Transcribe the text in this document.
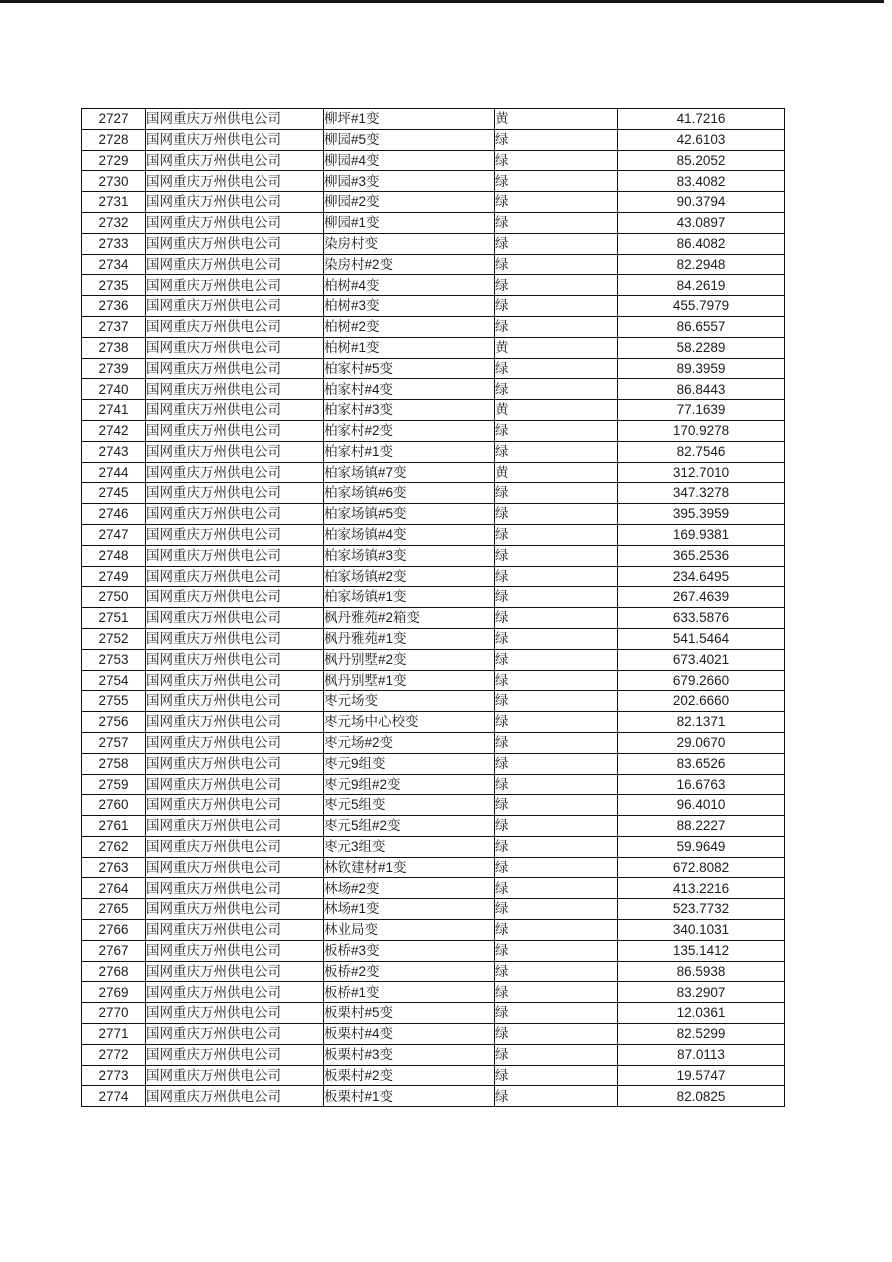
2727	国网重庆万州供电公司	柳坪#1变	黄	41.7216
2728	国网重庆万州供电公司	柳园#5变	绿	42.6103
2729	国网重庆万州供电公司	柳园#4变	绿	85.2052
2730	国网重庆万州供电公司	柳园#3变	绿	83.4082
2731	国网重庆万州供电公司	柳园#2变	绿	90.3794
2732	国网重庆万州供电公司	柳园#1变	绿	43.0897
2733	国网重庆万州供电公司	染房村变	绿	86.4082
2734	国网重庆万州供电公司	染房村#2变	绿	82.2948
2735	国网重庆万州供电公司	柏树#4变	绿	84.2619
2736	国网重庆万州供电公司	柏树#3变	绿	455.7979
2737	国网重庆万州供电公司	柏树#2变	绿	86.6557
2738	国网重庆万州供电公司	柏树#1变	黄	58.2289
2739	国网重庆万州供电公司	柏家村#5变	绿	89.3959
2740	国网重庆万州供电公司	柏家村#4变	绿	86.8443
2741	国网重庆万州供电公司	柏家村#3变	黄	77.1639
2742	国网重庆万州供电公司	柏家村#2变	绿	170.9278
2743	国网重庆万州供电公司	柏家村#1变	绿	82.7546
2744	国网重庆万州供电公司	柏家场镇#7变	黄	312.7010
2745	国网重庆万州供电公司	柏家场镇#6变	绿	347.3278
2746	国网重庆万州供电公司	柏家场镇#5变	绿	395.3959
2747	国网重庆万州供电公司	柏家场镇#4变	绿	169.9381
2748	国网重庆万州供电公司	柏家场镇#3变	绿	365.2536
2749	国网重庆万州供电公司	柏家场镇#2变	绿	234.6495
2750	国网重庆万州供电公司	柏家场镇#1变	绿	267.4639
2751	国网重庆万州供电公司	枫丹雅苑#2箱变	绿	633.5876
2752	国网重庆万州供电公司	枫丹雅苑#1变	绿	541.5464
2753	国网重庆万州供电公司	枫丹别墅#2变	绿	673.4021
2754	国网重庆万州供电公司	枫丹别墅#1变	绿	679.2660
2755	国网重庆万州供电公司	枣元场变	绿	202.6660
2756	国网重庆万州供电公司	枣元场中心校变	绿	82.1371
2757	国网重庆万州供电公司	枣元场#2变	绿	29.0670
2758	国网重庆万州供电公司	枣元9组变	绿	83.6526
2759	国网重庆万州供电公司	枣元9组#2变	绿	16.6763
2760	国网重庆万州供电公司	枣元5组变	绿	96.4010
2761	国网重庆万州供电公司	枣元5组#2变	绿	88.2227
2762	国网重庆万州供电公司	枣元3组变	绿	59.9649
2763	国网重庆万州供电公司	林钦建材#1变	绿	672.8082
2764	国网重庆万州供电公司	林场#2变	绿	413.2216
2765	国网重庆万州供电公司	林场#1变	绿	523.7732
2766	国网重庆万州供电公司	林业局变	绿	340.1031
2767	国网重庆万州供电公司	板桥#3变	绿	135.1412
2768	国网重庆万州供电公司	板桥#2变	绿	86.5938
2769	国网重庆万州供电公司	板桥#1变	绿	83.2907
2770	国网重庆万州供电公司	板栗村#5变	绿	12.0361
2771	国网重庆万州供电公司	板栗村#4变	绿	82.5299
2772	国网重庆万州供电公司	板栗村#3变	绿	87.0113
2773	国网重庆万州供电公司	板栗村#2变	绿	19.5747
2774	国网重庆万州供电公司	板栗村#1变	绿	82.0825
